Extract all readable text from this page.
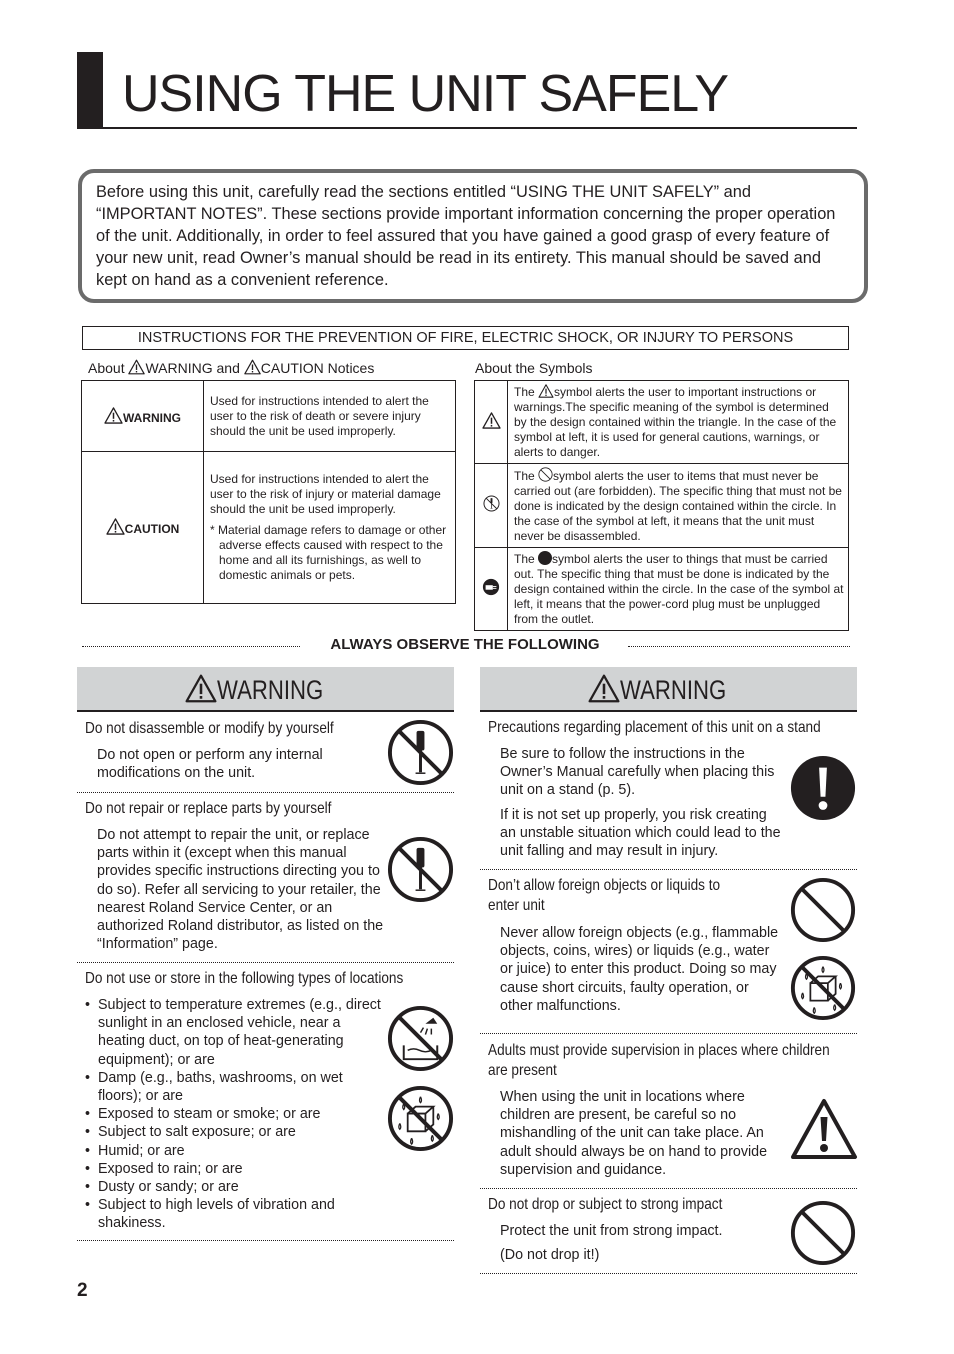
USING THE UNIT SAFELY

Before using this unit, carefully read the sections entitled “USING THE UNIT SAFELY” and “IMPORTANT NOTES”. These sections provide important information concerning the proper operation of the unit. Additionally, in order to feel assured that you have gained a good grasp of every feature of your new unit, read Owner’s manual should be read in its entirety. This manual should be saved and kept on hand as a convenient reference.

INSTRUCTIONS FOR THE PREVENTION OF FIRE, ELECTRIC SHOCK, OR INJURY TO PERSONS
About WARNING and CAUTION Notices
WARNING	Used for instructions intended to alert the user to the risk of death or severe injury should the unit be used improperly.
CAUTION	Used for instructions intended to alert the user to the risk of injury or material damage should the unit be used improperly.
* Material damage refers to damage or other adverse effects caused with respect to the home and all its furnishings, as well to domestic animals or pets.
About the Symbols
	The symbol alerts the user to important instructions or warnings.The specific meaning of the symbol is determined by the design contained within the triangle. In the case of the symbol at left, it is used for general cautions, warnings, or alerts to danger.
	The symbol alerts the user to items that must never be carried out (are forbidden). The specific thing that must not be done is indicated by the design contained within the circle. In the case of the symbol at left, it means that the unit must never be disassembled.
	The symbol alerts the user to things that must be carried out. The specific thing that must be done is indicated by the design contained within the circle. In the case of the symbol at left, it means that the power-cord plug must be unplugged from the outlet.
ALWAYS OBSERVE THE FOLLOWING
WARNING
Do not disassemble or modify by yourself
Do not open or perform any internal modifications on the unit.
Do not repair or replace parts by yourself
Do not attempt to repair the unit, or replace parts within it (except when this manual provides specific instructions directing you to do so). Refer all servicing to your retailer, the nearest Roland Service Center, or an authorized Roland distributor, as listed on the “Information” page.
Do not use or store in the following types of locations
• Subject to temperature extremes (e.g., direct sunlight in an enclosed vehicle, near a heating duct, on top of heat-generating equipment); or are
• Damp (e.g., baths, washrooms, on wet floors); or are
• Exposed to steam or smoke; or are
• Subject to salt exposure; or are
• Humid; or are
• Exposed to rain; or are
• Dusty or sandy; or are
• Subject to high levels of vibration and shakiness.
WARNING
Precautions regarding placement of this unit on a stand
Be sure to follow the instructions in the Owner’s Manual carefully when placing this unit on a stand (p. 5).
If it is not set up properly, you risk creating an unstable situation which could lead to the unit falling and may result in injury.
Don’t allow foreign objects or liquids to enter unit
Never allow foreign objects (e.g., flammable objects, coins, wires) or liquids (e.g., water or juice) to enter this product. Doing so may cause short circuits, faulty operation, or other malfunctions.
Adults must provide supervision in places where children are present
When using the unit in locations where children are present, be careful so no mishandling of the unit can take place. An adult should always be on hand to provide supervision and guidance.
Do not drop or subject to strong impact
Protect the unit from strong impact.
(Do not drop it!)
2
